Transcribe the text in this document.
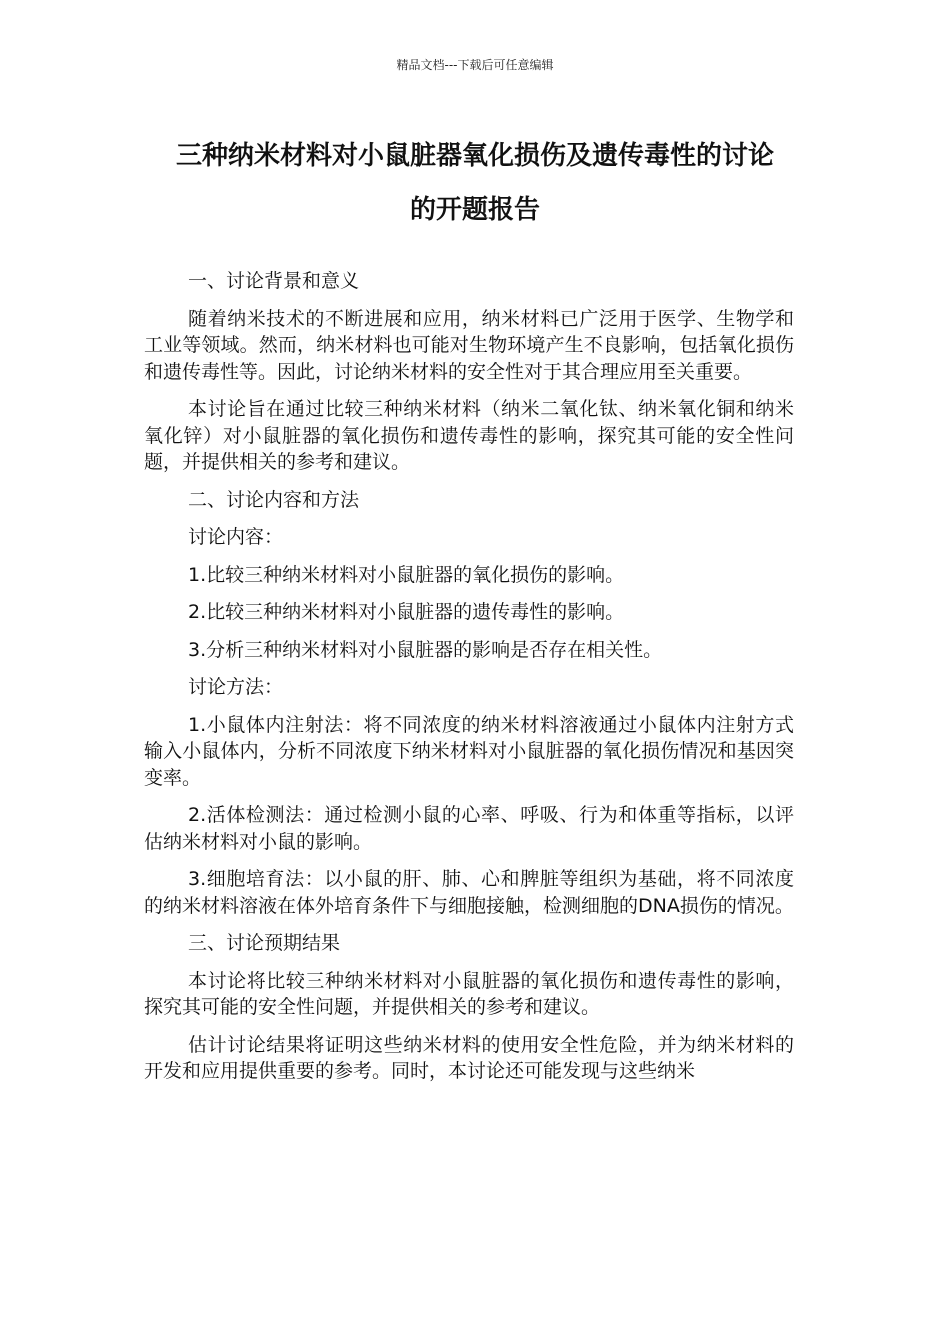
精品文档---下载后可任意编辑
三种纳米材料对小鼠脏器氧化损伤及遗传毒性的讨论
的开题报告

一、讨论背景和意义

随着纳米技术的不断进展和应用，纳米材料已广泛用于医学、生物学和工业等领域。然而，纳米材料也可能对生物环境产生不良影响，包括氧化损伤和遗传毒性等。因此，讨论纳米材料的安全性对于其合理应用至关重要。

本讨论旨在通过比较三种纳米材料（纳米二氧化钛、纳米氧化铜和纳米氧化锌）对小鼠脏器的氧化损伤和遗传毒性的影响，探究其可能的安全性问题，并提供相关的参考和建议。

二、讨论内容和方法

讨论内容：

1.比较三种纳米材料对小鼠脏器的氧化损伤的影响。

2.比较三种纳米材料对小鼠脏器的遗传毒性的影响。

3.分析三种纳米材料对小鼠脏器的影响是否存在相关性。

讨论方法：

1.小鼠体内注射法：将不同浓度的纳米材料溶液通过小鼠体内注射方式输入小鼠体内，分析不同浓度下纳米材料对小鼠脏器的氧化损伤情况和基因突变率。

2.活体检测法：通过检测小鼠的心率、呼吸、行为和体重等指标，以评估纳米材料对小鼠的影响。

3.细胞培育法：以小鼠的肝、肺、心和脾脏等组织为基础，将不同浓度的纳米材料溶液在体外培育条件下与细胞接触，检测细胞的DNA损伤的情况。

三、讨论预期结果

本讨论将比较三种纳米材料对小鼠脏器的氧化损伤和遗传毒性的影响，探究其可能的安全性问题，并提供相关的参考和建议。

估计讨论结果将证明这些纳米材料的使用安全性危险，并为纳米材料的开发和应用提供重要的参考。同时，本讨论还可能发现与这些纳米
